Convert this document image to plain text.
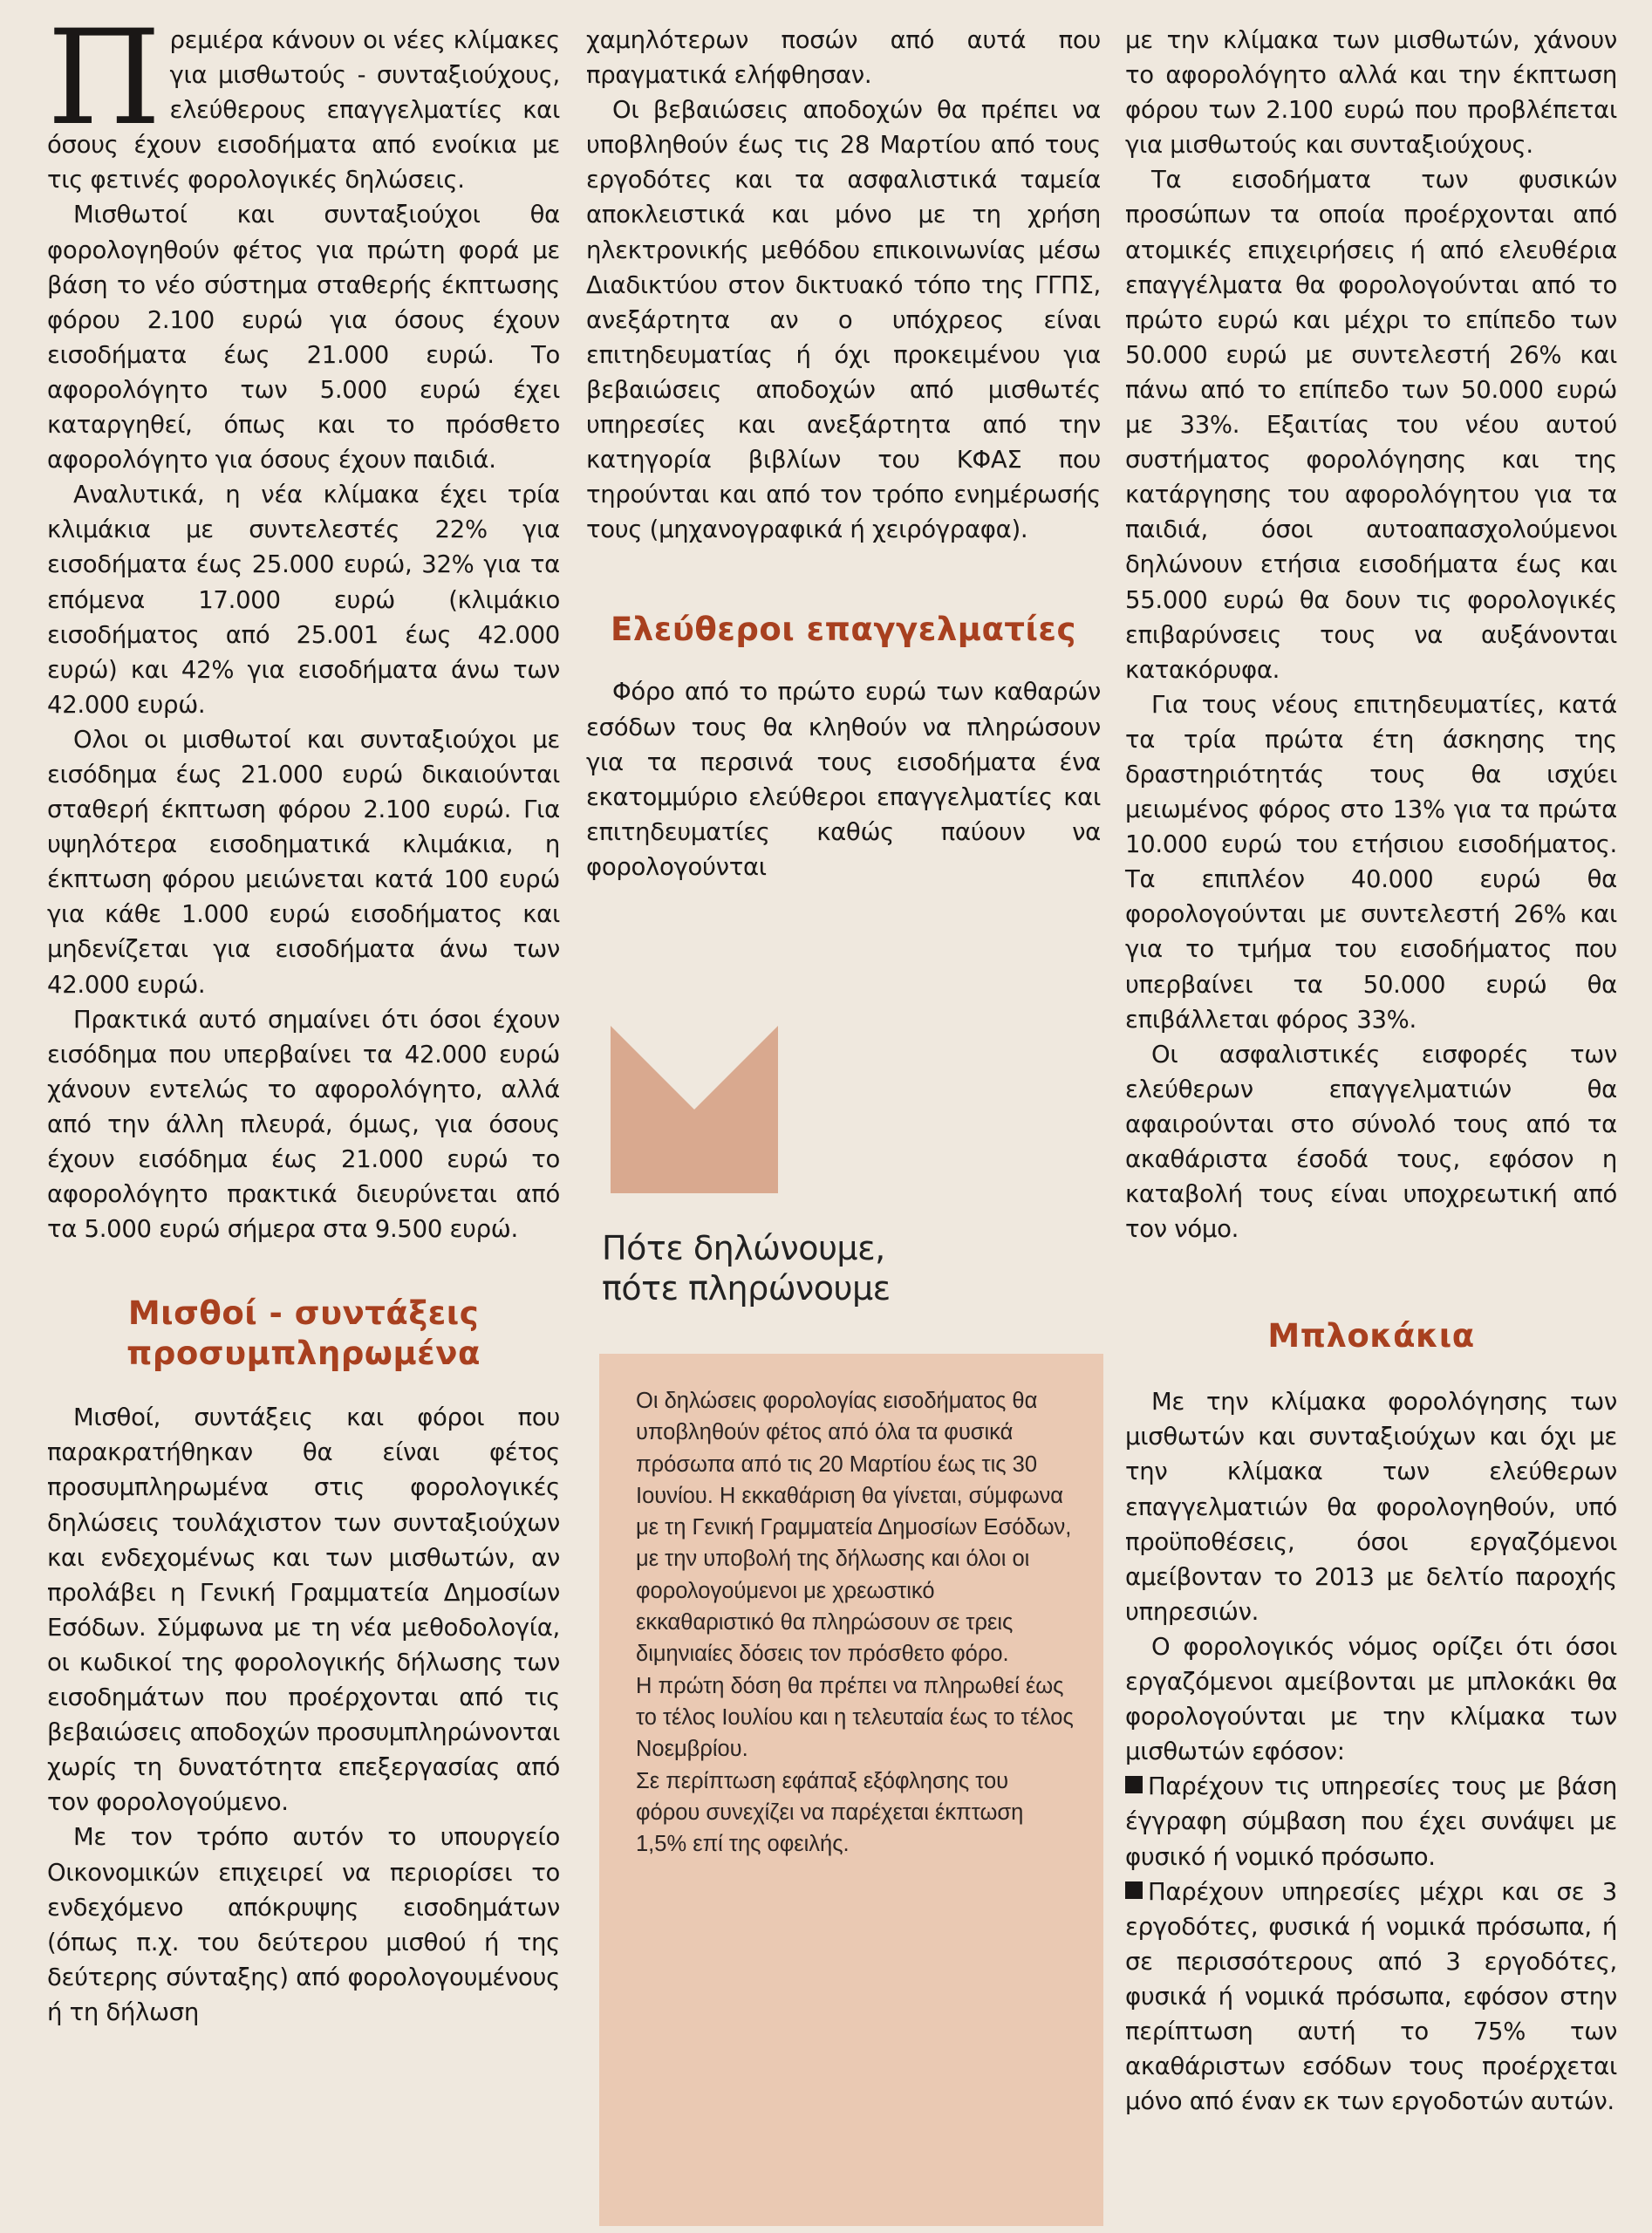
Πρεμιέρα κάνουν οι νέες κλίμακες για μισθωτούς - συνταξιούχους, ελεύθερους επαγγελματίες και όσους έχουν εισοδήματα από ενοίκια με τις φετινές φορολογικές δηλώσεις.

Μισθωτοί και συνταξιούχοι θα φορολογηθούν φέτος για πρώτη φορά με βάση το νέο σύστημα σταθερής έκπτωσης φόρου 2.100 ευρώ για όσους έχουν εισοδήματα έως 21.000 ευρώ. Το αφορολόγητο των 5.000 ευρώ έχει καταργηθεί, όπως και το πρόσθετο αφορολόγητο για όσους έχουν παιδιά.

Αναλυτικά, η νέα κλίμακα έχει τρία κλιμάκια με συντελεστές 22% για εισοδήματα έως 25.000 ευρώ, 32% για τα επόμενα 17.000 ευρώ (κλιμάκιο εισοδήματος από 25.001 έως 42.000 ευρώ) και 42% για εισοδήματα άνω των 42.000 ευρώ.

Ολοι οι μισθωτοί και συνταξιούχοι με εισόδημα έως 21.000 ευρώ δικαιούνται σταθερή έκπτωση φόρου 2.100 ευρώ. Για υψηλότερα εισοδηματικά κλιμάκια, η έκπτωση φόρου μειώνεται κατά 100 ευρώ για κάθε 1.000 ευρώ εισοδήματος και μηδενίζεται για εισοδήματα άνω των 42.000 ευρώ.

Πρακτικά αυτό σημαίνει ότι όσοι έχουν εισόδημα που υπερβαίνει τα 42.000 ευρώ χάνουν εντελώς το αφορολόγητο, αλλά από την άλλη πλευρά, όμως, για όσους έχουν εισόδημα έως 21.000 ευρώ το αφορολόγητο πρακτικά διευρύνεται από τα 5.000 ευρώ σήμερα στα 9.500 ευρώ.

Μισθοί - συντάξεις προσυμπληρωμένα

Μισθοί, συντάξεις και φόροι που παρακρατήθηκαν θα είναι φέτος προσυμπληρωμένα στις φορολογικές δηλώσεις τουλάχιστον των συνταξιούχων και ενδεχομένως και των μισθωτών, αν προλάβει η Γενική Γραμματεία Δημοσίων Εσόδων. Σύμφωνα με τη νέα μεθοδολογία, οι κωδικοί της φορολογικής δήλωσης των εισοδημάτων που προέρχονται από τις βεβαιώσεις αποδοχών προσυμπληρώνονται χωρίς τη δυνατότητα επεξεργασίας από τον φορολογούμενο.

Με τον τρόπο αυτόν το υπουργείο Οικονομικών επιχειρεί να περιορίσει το ενδεχόμενο απόκρυψης εισοδημάτων (όπως π.χ. του δεύτερου μισθού ή της δεύτερης σύνταξης) από φορολογουμένους ή τη δήλωση

χαμηλότερων ποσών από αυτά που πραγματικά ελήφθησαν.

Οι βεβαιώσεις αποδοχών θα πρέπει να υποβληθούν έως τις 28 Μαρτίου από τους εργοδότες και τα ασφαλιστικά ταμεία αποκλειστικά και μόνο με τη χρήση ηλεκτρονικής μεθόδου επικοινωνίας μέσω Διαδικτύου στον δικτυακό τόπο της ΓΓΠΣ, ανεξάρτητα αν ο υπόχρεος είναι επιτηδευματίας ή όχι προκειμένου για βεβαιώσεις αποδοχών από μισθωτές υπηρεσίες και ανεξάρτητα από την κατηγορία βιβλίων του ΚΦΑΣ που τηρούνται και από τον τρόπο ενημέρωσής τους (μηχανογραφικά ή χειρόγραφα).

Ελεύθεροι επαγγελματίες

Φόρο από το πρώτο ευρώ των καθαρών εσόδων τους θα κληθούν να πληρώσουν για τα περσινά τους εισοδήματα ένα εκατομμύριο ελεύθεροι επαγγελματίες και επιτηδευματίες καθώς παύουν να φορολογούνται

Πότε δηλώνουμε,
πότε πληρώνουμε

Οι δηλώσεις φορολογίας εισοδήματος θα υποβληθούν φέτος από όλα τα φυσικά πρόσωπα από τις 20 Μαρτίου έως τις 30 Ιουνίου. Η εκκαθάριση θα γίνεται, σύμφωνα με τη Γενική Γραμματεία Δημοσίων Εσόδων, με την υποβολή της δήλωσης και όλοι οι φορολογούμενοι με χρεωστικό εκκαθαριστικό θα πληρώσουν σε τρεις διμηνιαίες δόσεις τον πρόσθετο φόρο.

Η πρώτη δόση θα πρέπει να πληρωθεί έως το τέλος Ιουλίου και η τελευταία έως το τέλος Νοεμβρίου.

Σε περίπτωση εφάπαξ εξόφλησης του φόρου συνεχίζει να παρέχεται έκπτωση 1,5% επί της οφειλής.

με την κλίμακα των μισθωτών, χάνουν το αφορολόγητο αλλά και την έκπτωση φόρου των 2.100 ευρώ που προβλέπεται για μισθωτούς και συνταξιούχους.

Τα εισοδήματα των φυσικών προσώπων τα οποία προέρχονται από ατομικές επιχειρήσεις ή από ελευθέρια επαγγέλματα θα φορολογούνται από το πρώτο ευρώ και μέχρι το επίπεδο των 50.000 ευρώ με συντελεστή 26% και πάνω από το επίπεδο των 50.000 ευρώ με 33%. Εξαιτίας του νέου αυτού συστήματος φορολόγησης και της κατάργησης του αφορολόγητου για τα παιδιά, όσοι αυτοαπασχολούμενοι δηλώνουν ετήσια εισοδήματα έως και 55.000 ευρώ θα δουν τις φορολογικές επιβαρύνσεις τους να αυξάνονται κατακόρυφα.

Για τους νέους επιτηδευματίες, κατά τα τρία πρώτα έτη άσκησης της δραστηριότητάς τους θα ισχύει μειωμένος φόρος στο 13% για τα πρώτα 10.000 ευρώ του ετήσιου εισοδήματος. Τα επιπλέον 40.000 ευρώ θα φορολογούνται με συντελεστή 26% και για το τμήμα του εισοδήματος που υπερβαίνει τα 50.000 ευρώ θα επιβάλλεται φόρος 33%.

Οι ασφαλιστικές εισφορές των ελεύθερων επαγγελματιών θα αφαιρούνται στο σύνολό τους από τα ακαθάριστα έσοδά τους, εφόσον η καταβολή τους είναι υποχρεωτική από τον νόμο.

Μπλοκάκια

Με την κλίμακα φορολόγησης των μισθωτών και συνταξιούχων και όχι με την κλίμακα των ελεύθερων επαγγελματιών θα φορολογηθούν, υπό προϋποθέσεις, όσοι εργαζόμενοι αμείβονταν το 2013 με δελτίο παροχής υπηρεσιών.

Ο φορολογικός νόμος ορίζει ότι όσοι εργαζόμενοι αμείβονται με μπλοκάκι θα φορολογούνται με την κλίμακα των μισθωτών εφόσον:

Παρέχουν τις υπηρεσίες τους με βάση έγγραφη σύμβαση που έχει συνάψει με φυσικό ή νομικό πρόσωπο.

Παρέχουν υπηρεσίες μέχρι και σε 3 εργοδότες, φυσικά ή νομικά πρόσωπα, ή σε περισσότερους από 3 εργοδότες, φυσικά ή νομικά πρόσωπα, εφόσον στην περίπτωση αυτή το 75% των ακαθάριστων εσόδων τους προέρχεται μόνο από έναν εκ των εργοδοτών αυτών.
